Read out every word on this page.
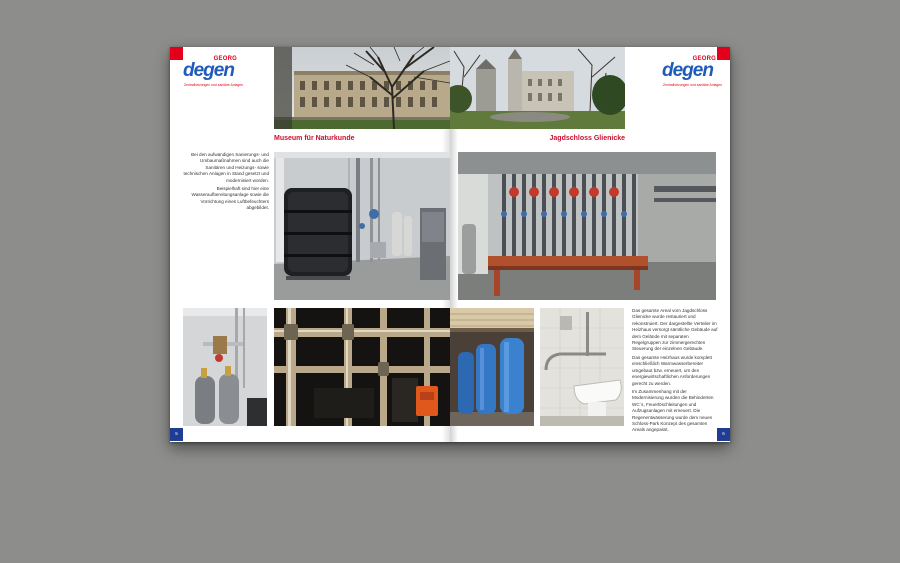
5	6
GEORG
degen
Zentralheizungen und sanitäre Anlagen
GEORG
degen
Zentralheizungen und sanitäre Anlagen
Museum für Naturkunde	Jagdschloss Glienicke
Bei den aufwändigen Sanierungs- und Umbaumaßnahmen sind auch die Sanitären und Heizungs- sowie technischen Anlagen in Stand gesetzt und modernisiert worden.
Beispielhaft sind hier eine Wasseraufbereitungsanlage sowie die Vorrichtung eines Luftbefeuchters abgebildet.
Das gesamte Areal vom Jagdschloss Glienicke wurde restauriert und rekonstruiert. Der dargestellte Verteiler im Heizhaus versorgt sämtliche Gebäude auf dem Gelände mit separaten Regelgruppen zur zimmergerechten Steuerung der einzelnen Gebäude.
Das gesamte Heizhaus wurde komplett einschließlich Warmwasserbereiter umgebaut bzw. erneuert, um den energiewirtschaftlichen Anforderungen gerecht zu werden.
Im Zusammenhang mit der Modernisierung wurden die Behinderten WC´s, Feuerlöschleitungen und Aufzugsanlagen mit erneuert. Die Regenentwässerung wurde dem neuen Schloss-Park Konzept des gesamten Areals angepasst.
